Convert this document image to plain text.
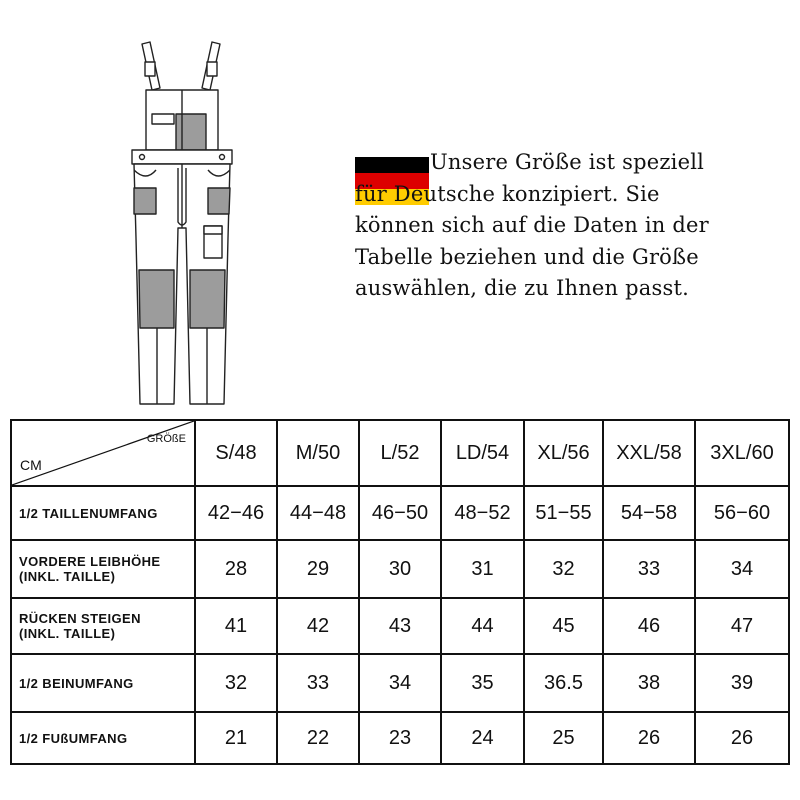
Unsere Größe ist speziell
für Deutsche konzipiert. Sie
können sich auf die Daten in der
Tabelle beziehen und die Größe
auswählen, die zu Ihnen passt.
CM
GRÖßE	S/48	M/50	L/52	LD/54	XL/56	XXL/58	3XL/60
1/2 TAILLENUMFANG	42−46	44−48	46−50	48−52	51−55	54−58	56−60
VORDERE LEIBHÖHE
(INKL. TAILLE)	28	29	30	31	32	33	34
RÜCKEN STEIGEN
(INKL. TAILLE)	41	42	43	44	45	46	47
1/2 BEINUMFANG	32	33	34	35	36.5	38	39
1/2 FUßUMFANG	21	22	23	24	25	26	26
